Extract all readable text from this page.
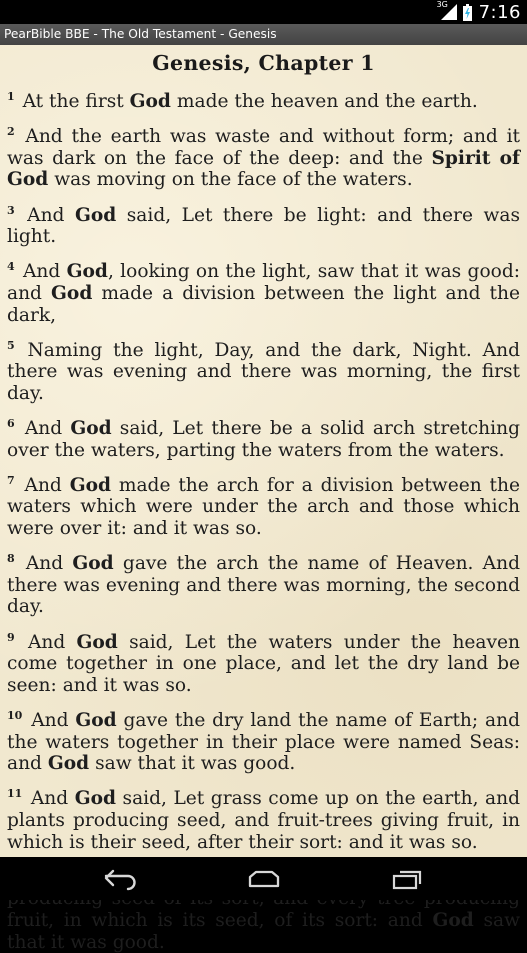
3G 7:16
PearBible BBE - The Old Testament - Genesis
Genesis, Chapter 1

$^1$ At the first God made the heaven and the earth.

$^2$ And the earth was waste and without form; and it was dark on the face of the deep: and the Spirit of God was moving on the face of the waters.

$^3$ And God said, Let there be light: and there was light.

$^4$ And God, looking on the light, saw that it was good: and God made a division between the light and the dark,

$^5$ Naming the light, Day, and the dark, Night. And there was evening and there was morning, the first day.

$^6$ And God said, Let there be a solid arch stretching over the waters, parting the waters from the waters.

$^7$ And God made the arch for a division between the waters which were under the arch and those which were over it: and it was so.

$^8$ And God gave the arch the name of Heaven. And there was evening and there was morning, the second day.

$^9$ And God said, Let the waters under the heaven come together in one place, and let the dry land be seen: and it was so.

$^{10}$ And God gave the dry land the name of Earth; and the waters together in their place were named Seas: and God saw that it was good.

$^{11}$ And God said, Let grass come up on the earth, and plants producing seed, and fruit-trees giving fruit, in which is their seed, after their sort: and it was so.

fruit, in which is its seed, of its sort: and God saw that it was good.
